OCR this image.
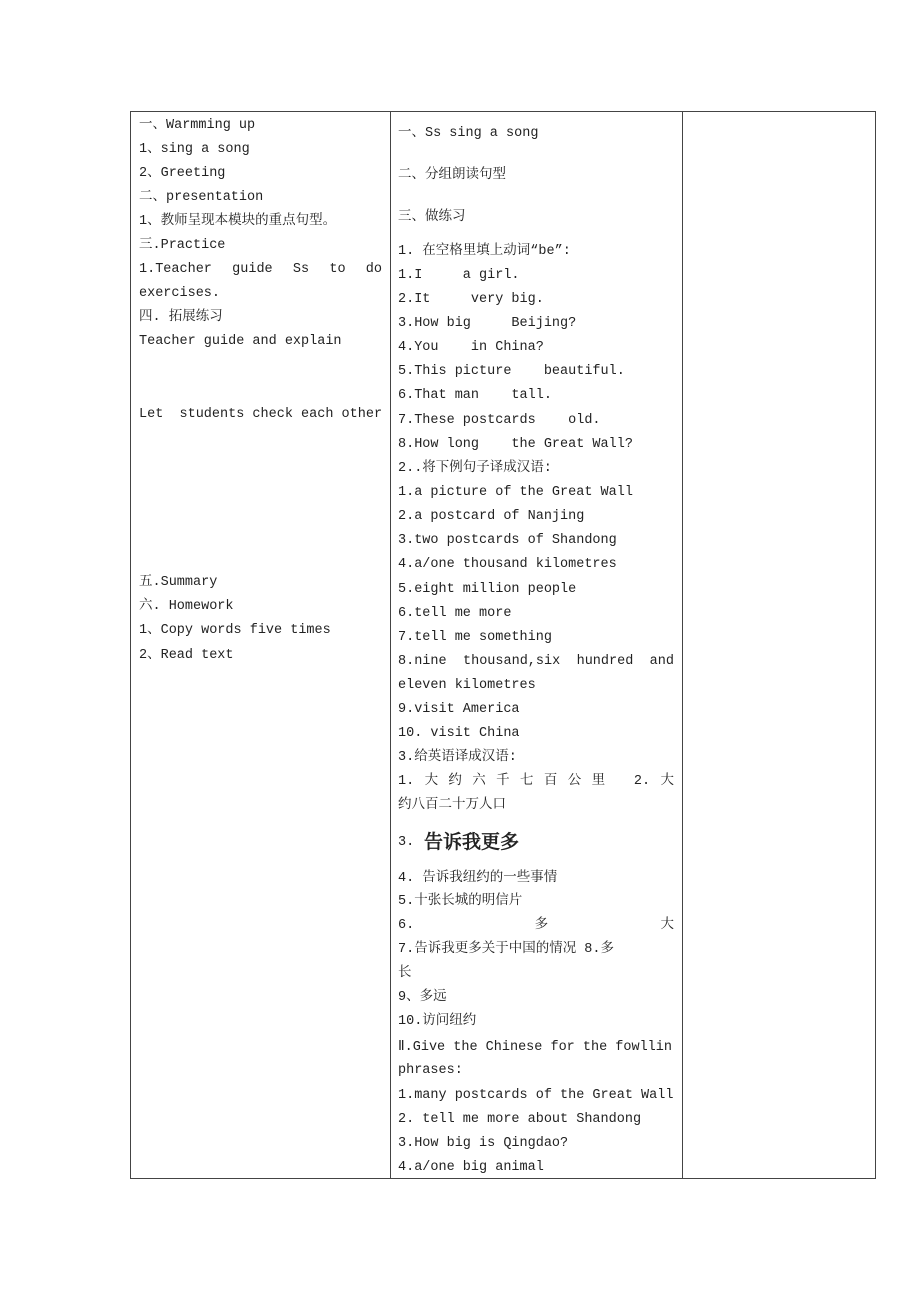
一、Warmming up
1、sing a song
2、Greeting
二、presentation
1、教师呈现本模块的重点句型。
三.Practice
1.Teacher guide Ss to do
exercises.
四. 拓展练习
Teacher guide and explain
Let  students check each other
五.Summary
六. Homework
1、Copy words five times
2、Read text
一、Ss sing a song
二、分组朗读句型
三、做练习
1. 在空格里填上动词“be”:
1.I     a girl.
2.It     very big.
3.How big     Beijing?
4.You    in China?
5.This picture    beautiful.
6.That man    tall.
7.These postcards    old.
8.How long    the Great Wall?
2..将下例句子译成汉语:
1.a picture of the Great Wall
2.a postcard of Nanjing
3.two postcards of Shandong
4.a/one thousand kilometres
5.eight million people
6.tell me more
7.tell me something
8.nine thousand,six hundred and
eleven kilometres
9.visit America
10. visit China
3.给英语译成汉语:
1.大约六千七百公里 2.大
约八百二十万人口
3. 告诉我更多
4. 告诉我纽约的一些事情
5.十张长城的明信片
6. 多大
7.告诉我更多关于中国的情况 8.多
长
9、多远
10.访问纽约
Ⅱ.Give the Chinese for the fowllin
phrases:
1.many postcards of the Great Wall
2. tell me more about Shandong
3.How big is Qingdao?
4.a/one big animal
